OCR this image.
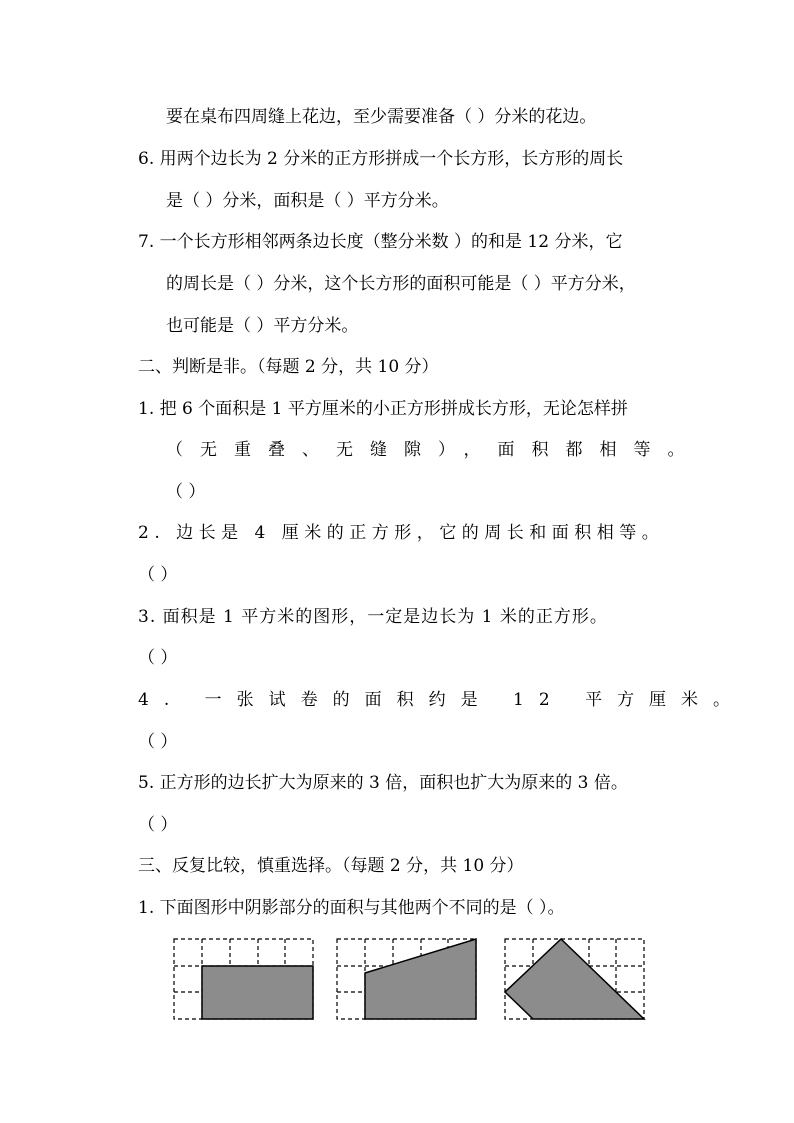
要在桌布四周缝上花边，至少需要准备（ ）分米的花边。
6. 用两个边长为 2 分米的正方形拼成一个长方形，长方形的周长
是（ ）分米，面积是（ ）平方分米。
7. 一个长方形相邻两条边长度（整分米数 ）的和是 12 分米，它
的周长是（ ）分米，这个长方形的面积可能是（ ）平方分米，
也可能是（ ）平方分米。
二、判断是非。（每题 2 分，共 10 分）
1. 把 6 个面积是 1 平方厘米的小正方形拼成长方形，无论怎样拼
（无重叠、无缝隙），面积都相等。
（ ）
2. 边长是 4 厘米的正方形，它的周长和面积相等。
（ ）
3. 面积是 1 平方米的图形，一定是边长为 1 米的正方形。
（ ）
4. 一张试卷的面积约是 12 平方厘米。
（ ）
5. 正方形的边长扩大为原来的 3 倍，面积也扩大为原来的 3 倍。
（ ）
三、反复比较，慎重选择。（每题 2 分，共 10 分）
1. 下面图形中阴影部分的面积与其他两个不同的是（ ）。
